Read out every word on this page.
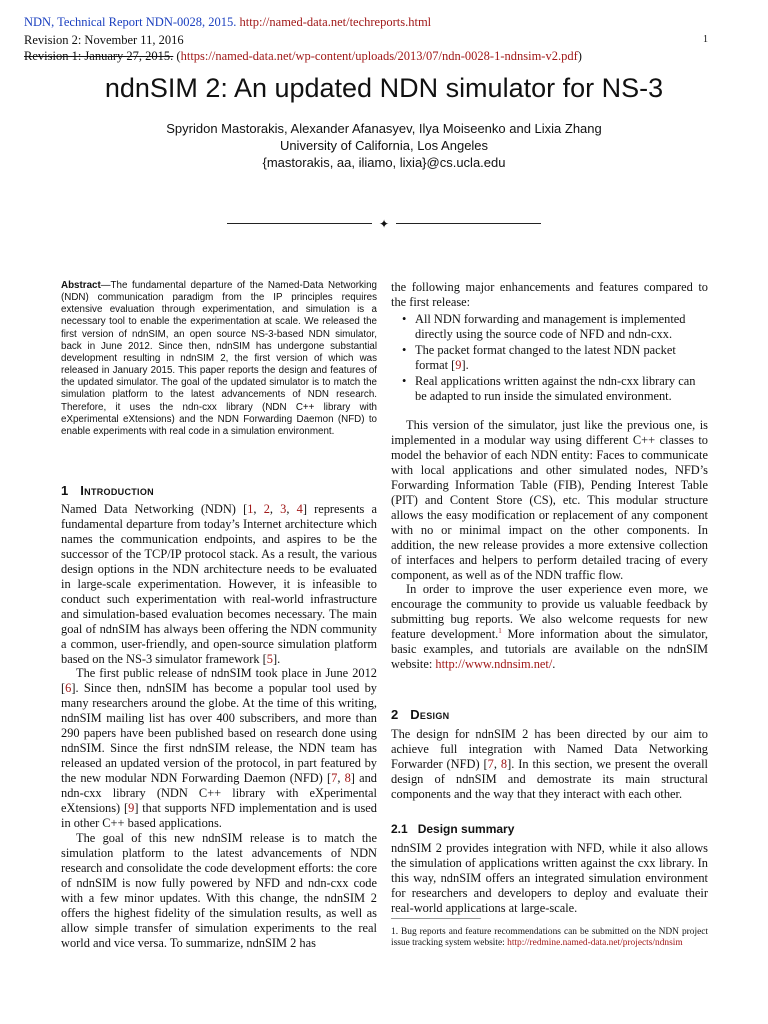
NDN, Technical Report NDN-0028, 2015. http://named-data.net/techreports.html
Revision 2: November 11, 2016
Revision 1: January 27, 2015. (https://named-data.net/wp-content/uploads/2013/07/ndn-0028-1-ndnsim-v2.pdf)
1
ndnSIM 2: An updated NDN simulator for NS-3
Spyridon Mastorakis, Alexander Afanasyev, Ilya Moiseenko and Lixia Zhang
University of California, Los Angeles
{mastorakis, aa, iliamo, lixia}@cs.ucla.edu
✦
Abstract—The fundamental departure of the Named-Data Networking (NDN) communication paradigm from the IP principles requires extensive evaluation through experimentation, and simulation is a necessary tool to enable the experimentation at scale. We released the first version of ndnSIM, an open source NS-3-based NDN simulator, back in June 2012. Since then, ndnSIM has undergone substantial development resulting in ndnSIM 2, the first version of which was released in January 2015. This paper reports the design and features of the updated simulator. The goal of the updated simulator is to match the simulation platform to the latest advancements of NDN research. Therefore, it uses the ndn-cxx library (NDN C++ library with eXperimental eXtensions) and the NDN Forwarding Daemon (NFD) to enable experiments with real code in a simulation environment.
1 Introduction

Named Data Networking (NDN) [1, 2, 3, 4] represents a fundamental departure from today’s Internet architecture which names the communication endpoints, and aspires to be the successor of the TCP/IP protocol stack. As a result, the various design options in the NDN architecture needs to be evaluated in large-scale experimentation. However, it is infeasible to conduct such experimentation with real-world infrastructure and simulation-based evaluation becomes necessary. The main goal of ndnSIM has always been offering the NDN community a common, user-friendly, and open-source simulation platform based on the NS-3 simulator framework [5].

The first public release of ndnSIM took place in June 2012 [6]. Since then, ndnSIM has become a popular tool used by many researchers around the globe. At the time of this writing, ndnSIM mailing list has over 400 subscribers, and more than 290 papers have been published based on research done using ndnSIM. Since the first ndnSIM release, the NDN team has released an updated version of the protocol, in part featured by the new modular NDN Forwarding Daemon (NFD) [7, 8] and ndn-cxx library (NDN C++ library with eXperimental eXtensions) [9] that supports NFD implementation and is used in other C++ based applications.

The goal of this new ndnSIM release is to match the simulation platform to the latest advancements of NDN research and consolidate the code development efforts: the core of ndnSIM is now fully powered by NFD and ndn-cxx code with a few minor updates. With this change, the ndnSIM 2 offers the highest fidelity of the simulation results, as well as allow simple transfer of simulation experiments to the real world and vice versa. To summarize, ndnSIM 2 has

the following major enhancements and features compared to the first release:
• All NDN forwarding and management is implemented directly using the source code of NFD and ndn-cxx.
• The packet format changed to the latest NDN packet format [9].
• Real applications written against the ndn-cxx library can be adapted to run inside the simulated environment.

This version of the simulator, just like the previous one, is implemented in a modular way using different C++ classes to model the behavior of each NDN entity: Faces to communicate with local applications and other simulated nodes, NFD’s Forwarding Information Table (FIB), Pending Interest Table (PIT) and Content Store (CS), etc. This modular structure allows the easy modification or replacement of any component with no or minimal impact on the other components. In addition, the new release provides a more extensive collection of interfaces and helpers to perform detailed tracing of every component, as well as of the NDN traffic flow.

In order to improve the user experience even more, we encourage the community to provide us valuable feedback by submitting bug reports. We also welcome requests for new feature development.$^1$ More information about the simulator, basic examples, and tutorials are available on the ndnSIM website: http://www.ndnsim.net/.

2 Design

The design for ndnSIM 2 has been directed by our aim to achieve full integration with Named Data Networking Forwarder (NFD) [7, 8]. In this section, we present the overall design of ndnSIM and demostrate its main structural components and the way that they interact with each other.

2.1 Design summary

ndnSIM 2 provides integration with NFD, while it also allows the simulation of applications written against the cxx library. In this way, ndnSIM offers an integrated simulation environment for researchers and developers to deploy and evaluate their real-world applications at large-scale.

1. Bug reports and feature recommendations can be submitted on the NDN project issue tracking system website: http://redmine.named-data.net/projects/ndnsim
